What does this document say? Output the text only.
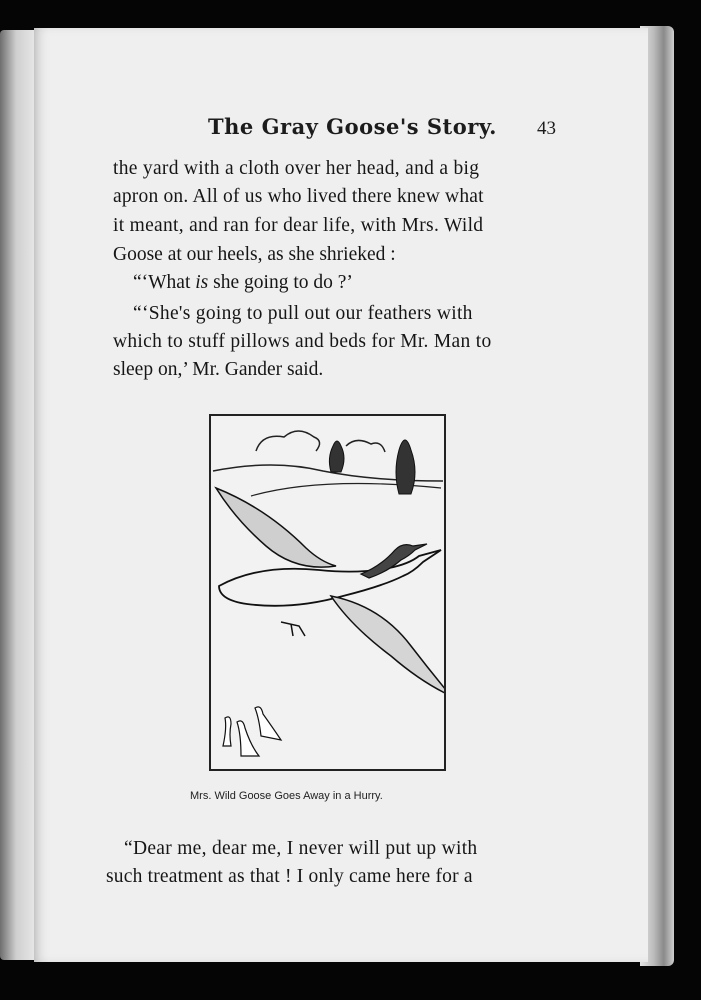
The Gray Goose's Story. 43
the yard with a cloth over her head, and a big
apron on. All of us who lived there knew what
it meant, and ran for dear life, with Mrs. Wild
Goose at our heels, as she shrieked :
“‘What is she going to do ?’
“‘She's going to pull out our feathers with
which to stuff pillows and beds for Mr. Man to
sleep on,’ Mr. Gander said.
Mrs. Wild Goose Goes Away in a Hurry.
“Dear me, dear me, I never will put up with
such treatment as that ! I only came here for a
